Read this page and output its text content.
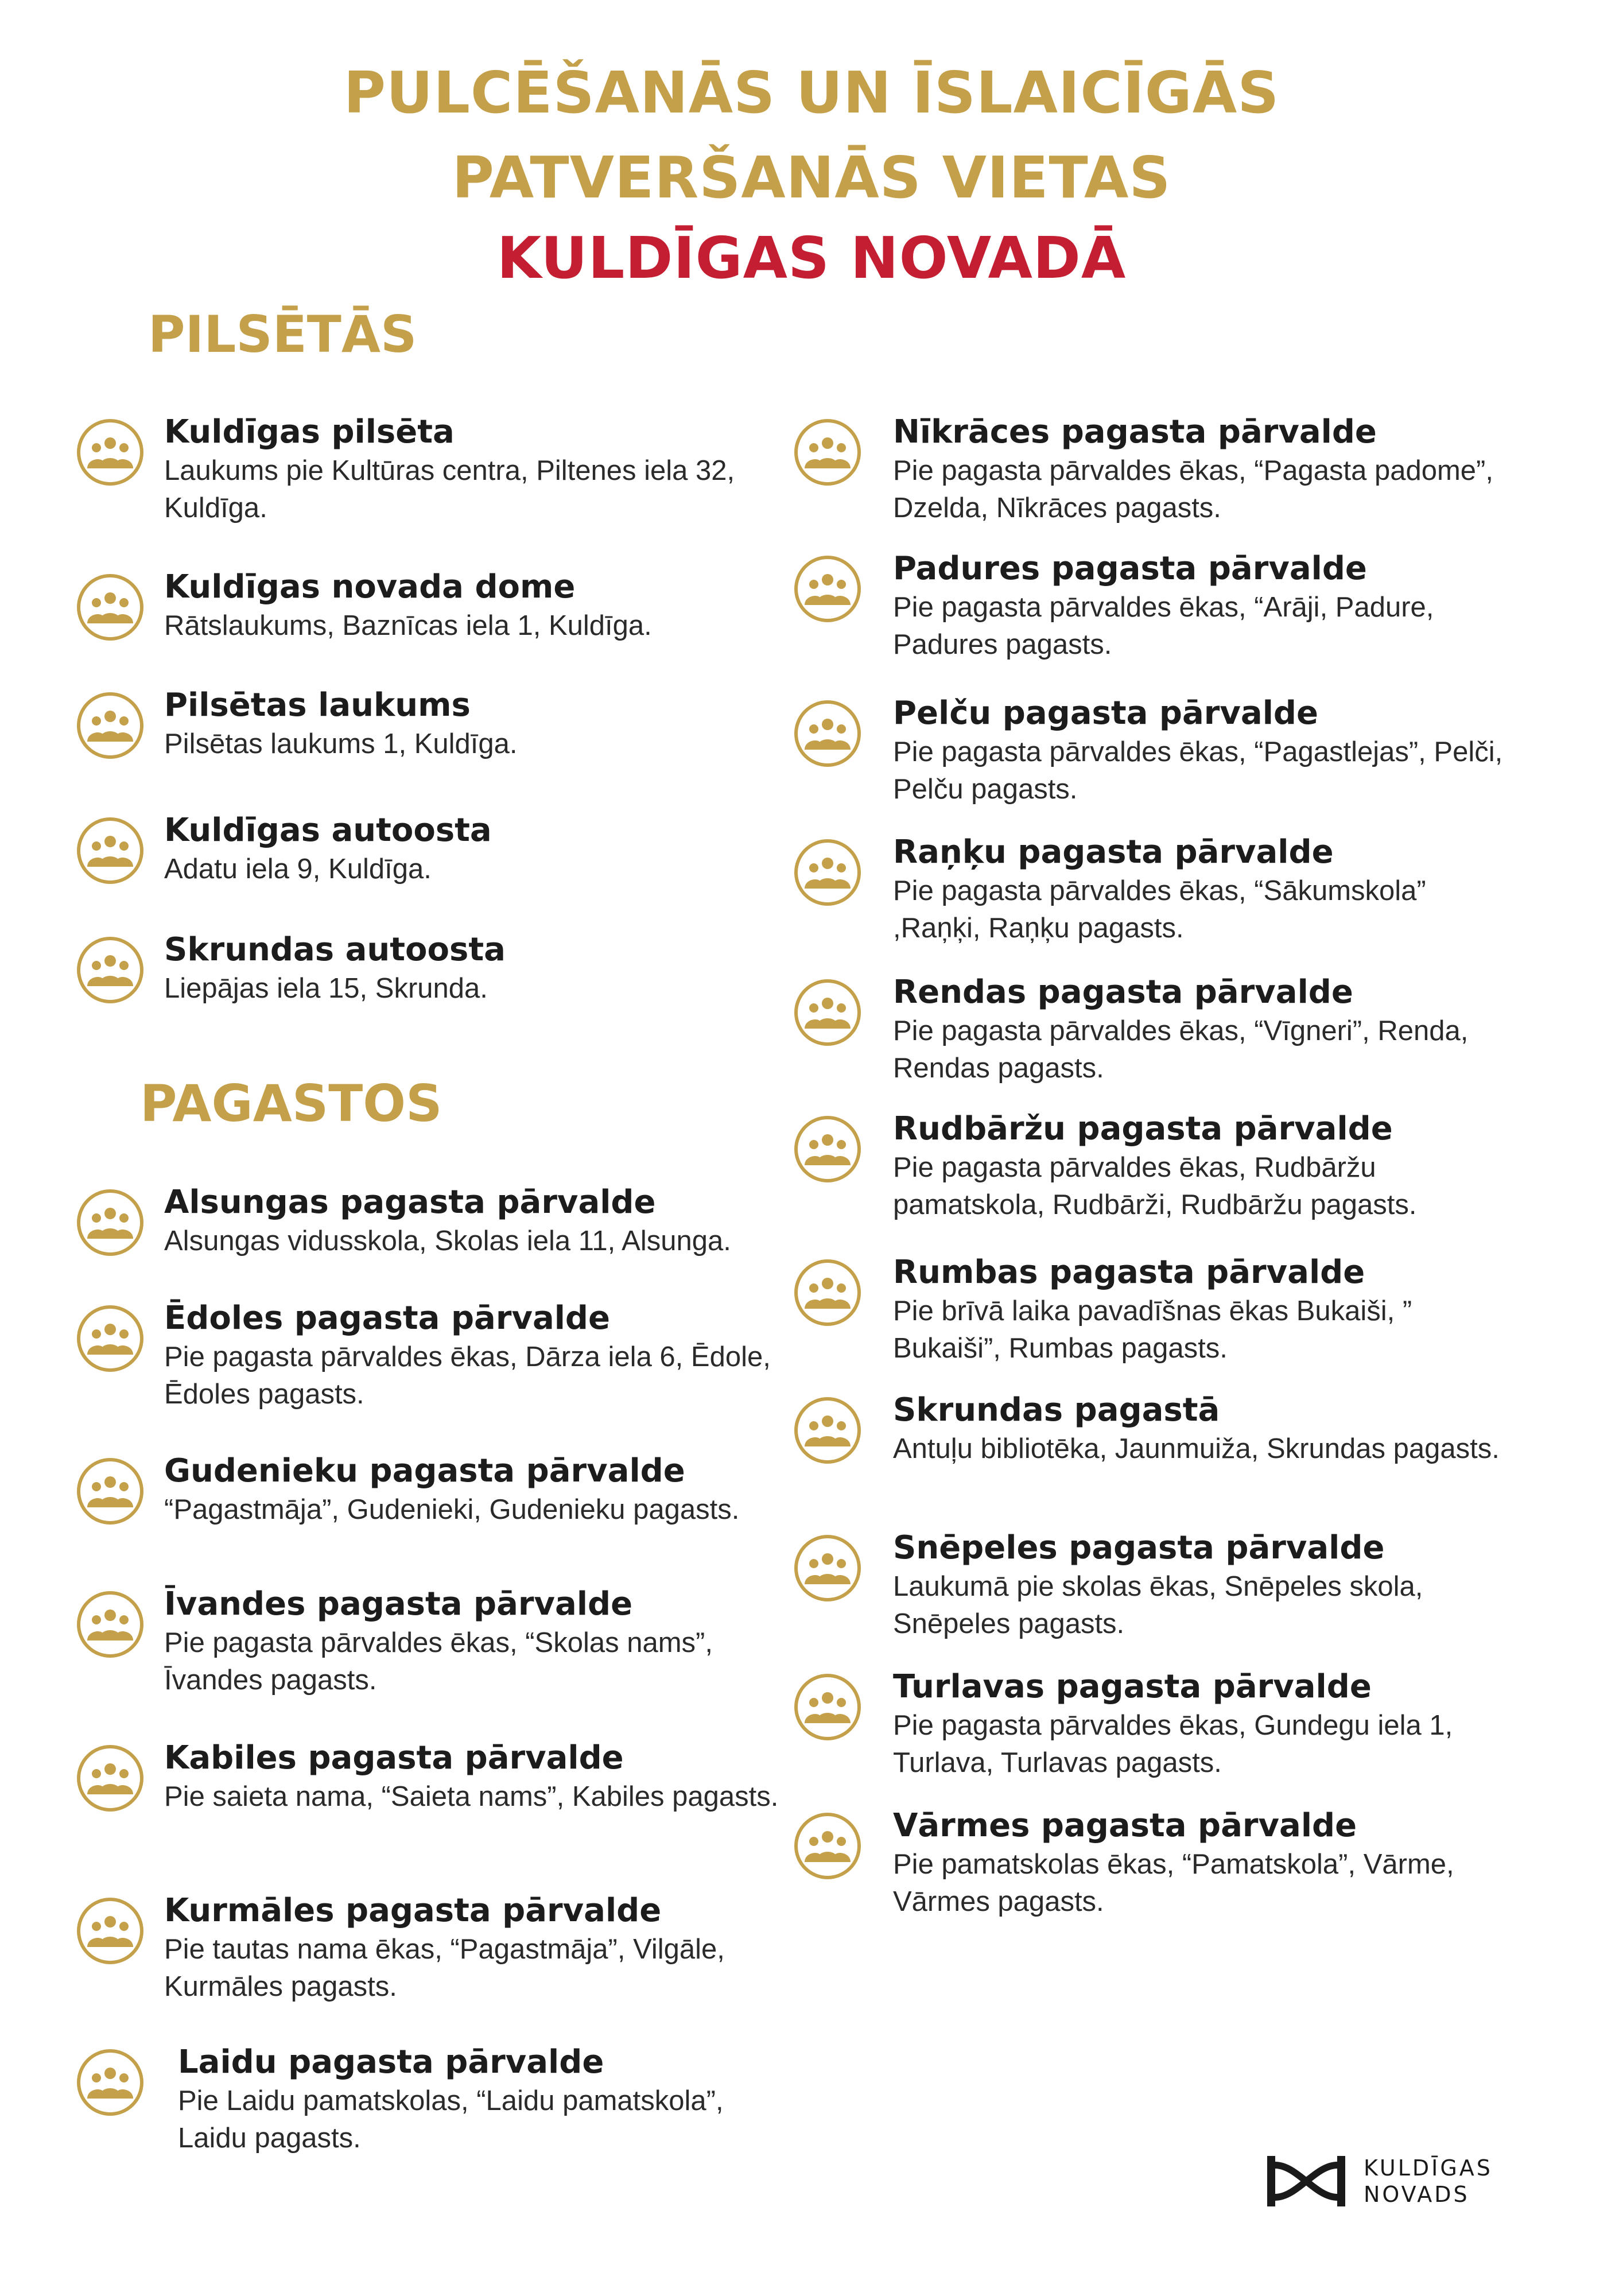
PULCĒŠANĀS UN ĪSLAICĪGĀS
PATVERŠANĀS VIETAS
KULDĪGAS NOVADĀ
PILSĒTĀS
PAGASTOS
Kuldīgas pilsēta
Laukums pie Kultūras centra, Piltenes iela 32, Kuldīga.
Kuldīgas novada dome
Rātslaukums, Baznīcas iela 1, Kuldīga.
Pilsētas laukums
Pilsētas laukums 1, Kuldīga.
Kuldīgas autoosta
Adatu iela 9, Kuldīga.
Skrundas autoosta
Liepājas iela 15, Skrunda.
Alsungas pagasta pārvalde
Alsungas vidusskola, Skolas iela 11, Alsunga.
Ēdoles pagasta pārvalde
Pie pagasta pārvaldes ēkas, Dārza iela 6, Ēdole, Ēdoles pagasts.
Gudenieku pagasta pārvalde
“Pagastmāja”, Gudenieki, Gudenieku pagasts.
Īvandes pagasta pārvalde
Pie pagasta pārvaldes ēkas, “Skolas nams”, Īvandes pagasts.
Kabiles pagasta pārvalde
Pie saieta nama, “Saieta nams”, Kabiles pagasts.
Kurmāles pagasta pārvalde
Pie tautas nama ēkas, “Pagastmāja”, Vilgāle, Kurmāles pagasts.
Laidu pagasta pārvalde
Pie Laidu pamatskolas, “Laidu pamatskola”, Laidu pagasts.
Nīkrāces pagasta pārvalde
Pie pagasta pārvaldes ēkas, “Pagasta padome”, Dzelda, Nīkrāces pagasts.
Padures pagasta pārvalde
Pie pagasta pārvaldes ēkas, “Arāji, Padure, Padures pagasts.
Pelču pagasta pārvalde
Pie pagasta pārvaldes ēkas, “Pagastlejas”, Pelči, Pelču pagasts.
Raņķu pagasta pārvalde
Pie pagasta pārvaldes ēkas, “Sākumskola” ,Raņķi, Raņķu pagasts.
Rendas pagasta pārvalde
Pie pagasta pārvaldes ēkas, “Vīgneri”, Renda, Rendas pagasts.
Rudbāržu pagasta pārvalde
Pie pagasta pārvaldes ēkas, Rudbāržu pamatskola, Rudbārži, Rudbāržu pagasts.
Rumbas pagasta pārvalde
Pie brīvā laika pavadīšnas ēkas Bukaiši, ” Bukaiši”, Rumbas pagasts.
Skrundas pagastā
Antuļu bibliotēka, Jaunmuiža, Skrundas pagasts.
Snēpeles pagasta pārvalde
Laukumā pie skolas ēkas, Snēpeles skola, Snēpeles pagasts.
Turlavas pagasta pārvalde
Pie pagasta pārvaldes ēkas, Gundegu iela 1, Turlava, Turlavas pagasts.
Vārmes pagasta pārvalde
Pie pamatskolas ēkas, “Pamatskola”, Vārme, Vārmes pagasts.
KULDĪGAS
NOVADS
